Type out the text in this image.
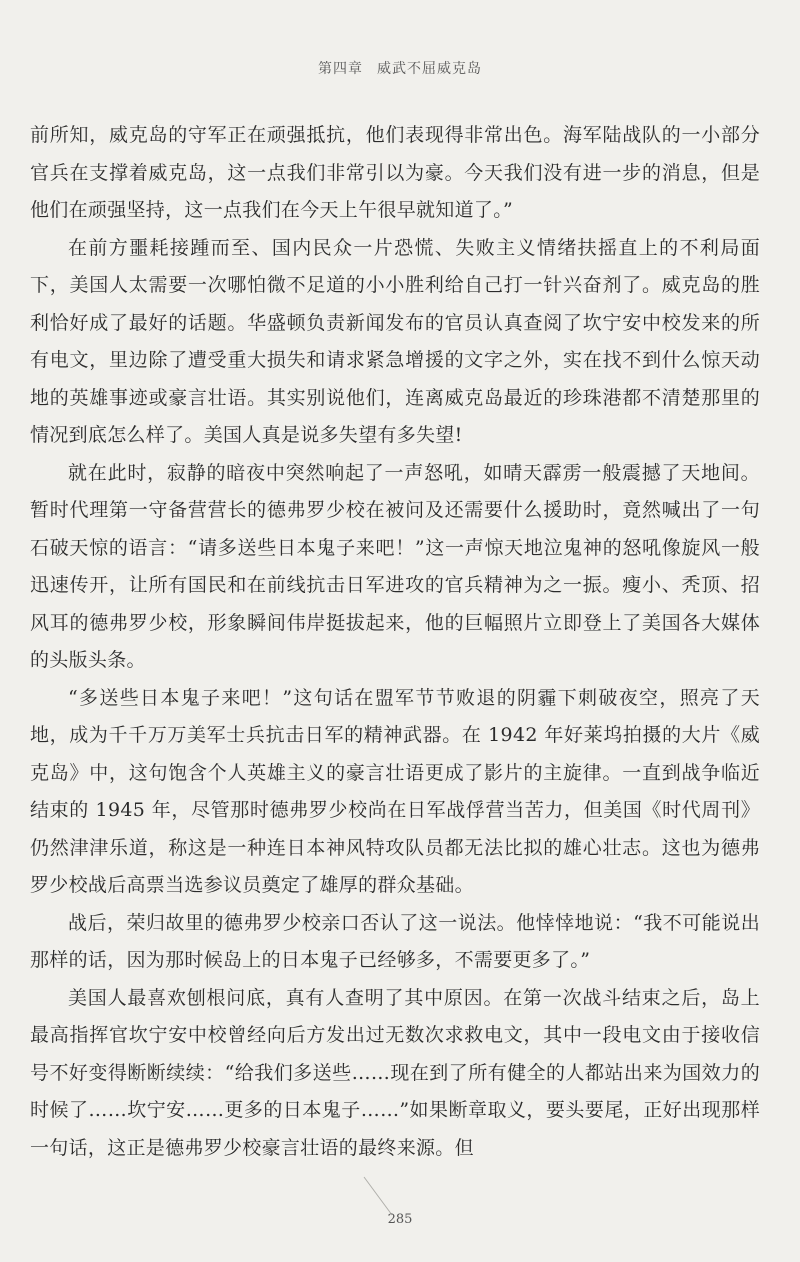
第四章 威武不屈威克岛

前所知，威克岛的守军正在顽强抵抗，他们表现得非常出色。海军陆战队的一小部分官兵在支撑着威克岛，这一点我们非常引以为豪。今天我们没有进一步的消息，但是他们在顽强坚持，这一点我们在今天上午很早就知道了。”

在前方噩耗接踵而至、国内民众一片恐慌、失败主义情绪扶摇直上的不利局面下，美国人太需要一次哪怕微不足道的小小胜利给自己打一针兴奋剂了。威克岛的胜利恰好成了最好的话题。华盛顿负责新闻发布的官员认真查阅了坎宁安中校发来的所有电文，里边除了遭受重大损失和请求紧急增援的文字之外，实在找不到什么惊天动地的英雄事迹或豪言壮语。其实别说他们，连离威克岛最近的珍珠港都不清楚那里的情况到底怎么样了。美国人真是说多失望有多失望!

就在此时，寂静的暗夜中突然响起了一声怒吼，如晴天霹雳一般震撼了天地间。暂时代理第一守备营营长的德弗罗少校在被问及还需要什么援助时，竟然喊出了一句石破天惊的语言：“请多送些日本鬼子来吧！”这一声惊天地泣鬼神的怒吼像旋风一般迅速传开，让所有国民和在前线抗击日军进攻的官兵精神为之一振。瘦小、秃顶、招风耳的德弗罗少校，形象瞬间伟岸挺拔起来，他的巨幅照片立即登上了美国各大媒体的头版头条。

“多送些日本鬼子来吧！”这句话在盟军节节败退的阴霾下刺破夜空，照亮了天地，成为千千万万美军士兵抗击日军的精神武器。在 1942 年好莱坞拍摄的大片《威克岛》中，这句饱含个人英雄主义的豪言壮语更成了影片的主旋律。一直到战争临近结束的 1945 年，尽管那时德弗罗少校尚在日军战俘营当苦力，但美国《时代周刊》仍然津津乐道，称这是一种连日本神风特攻队员都无法比拟的雄心壮志。这也为德弗罗少校战后高票当选参议员奠定了雄厚的群众基础。

战后，荣归故里的德弗罗少校亲口否认了这一说法。他悻悻地说：“我不可能说出那样的话，因为那时候岛上的日本鬼子已经够多，不需要更多了。”

美国人最喜欢刨根问底，真有人查明了其中原因。在第一次战斗结束之后，岛上最高指挥官坎宁安中校曾经向后方发出过无数次求救电文，其中一段电文由于接收信号不好变得断断续续：“给我们多送些……现在到了所有健全的人都站出来为国效力的时候了……坎宁安……更多的日本鬼子……”如果断章取义，要头要尾，正好出现那样一句话，这正是德弗罗少校豪言壮语的最终来源。但

285
